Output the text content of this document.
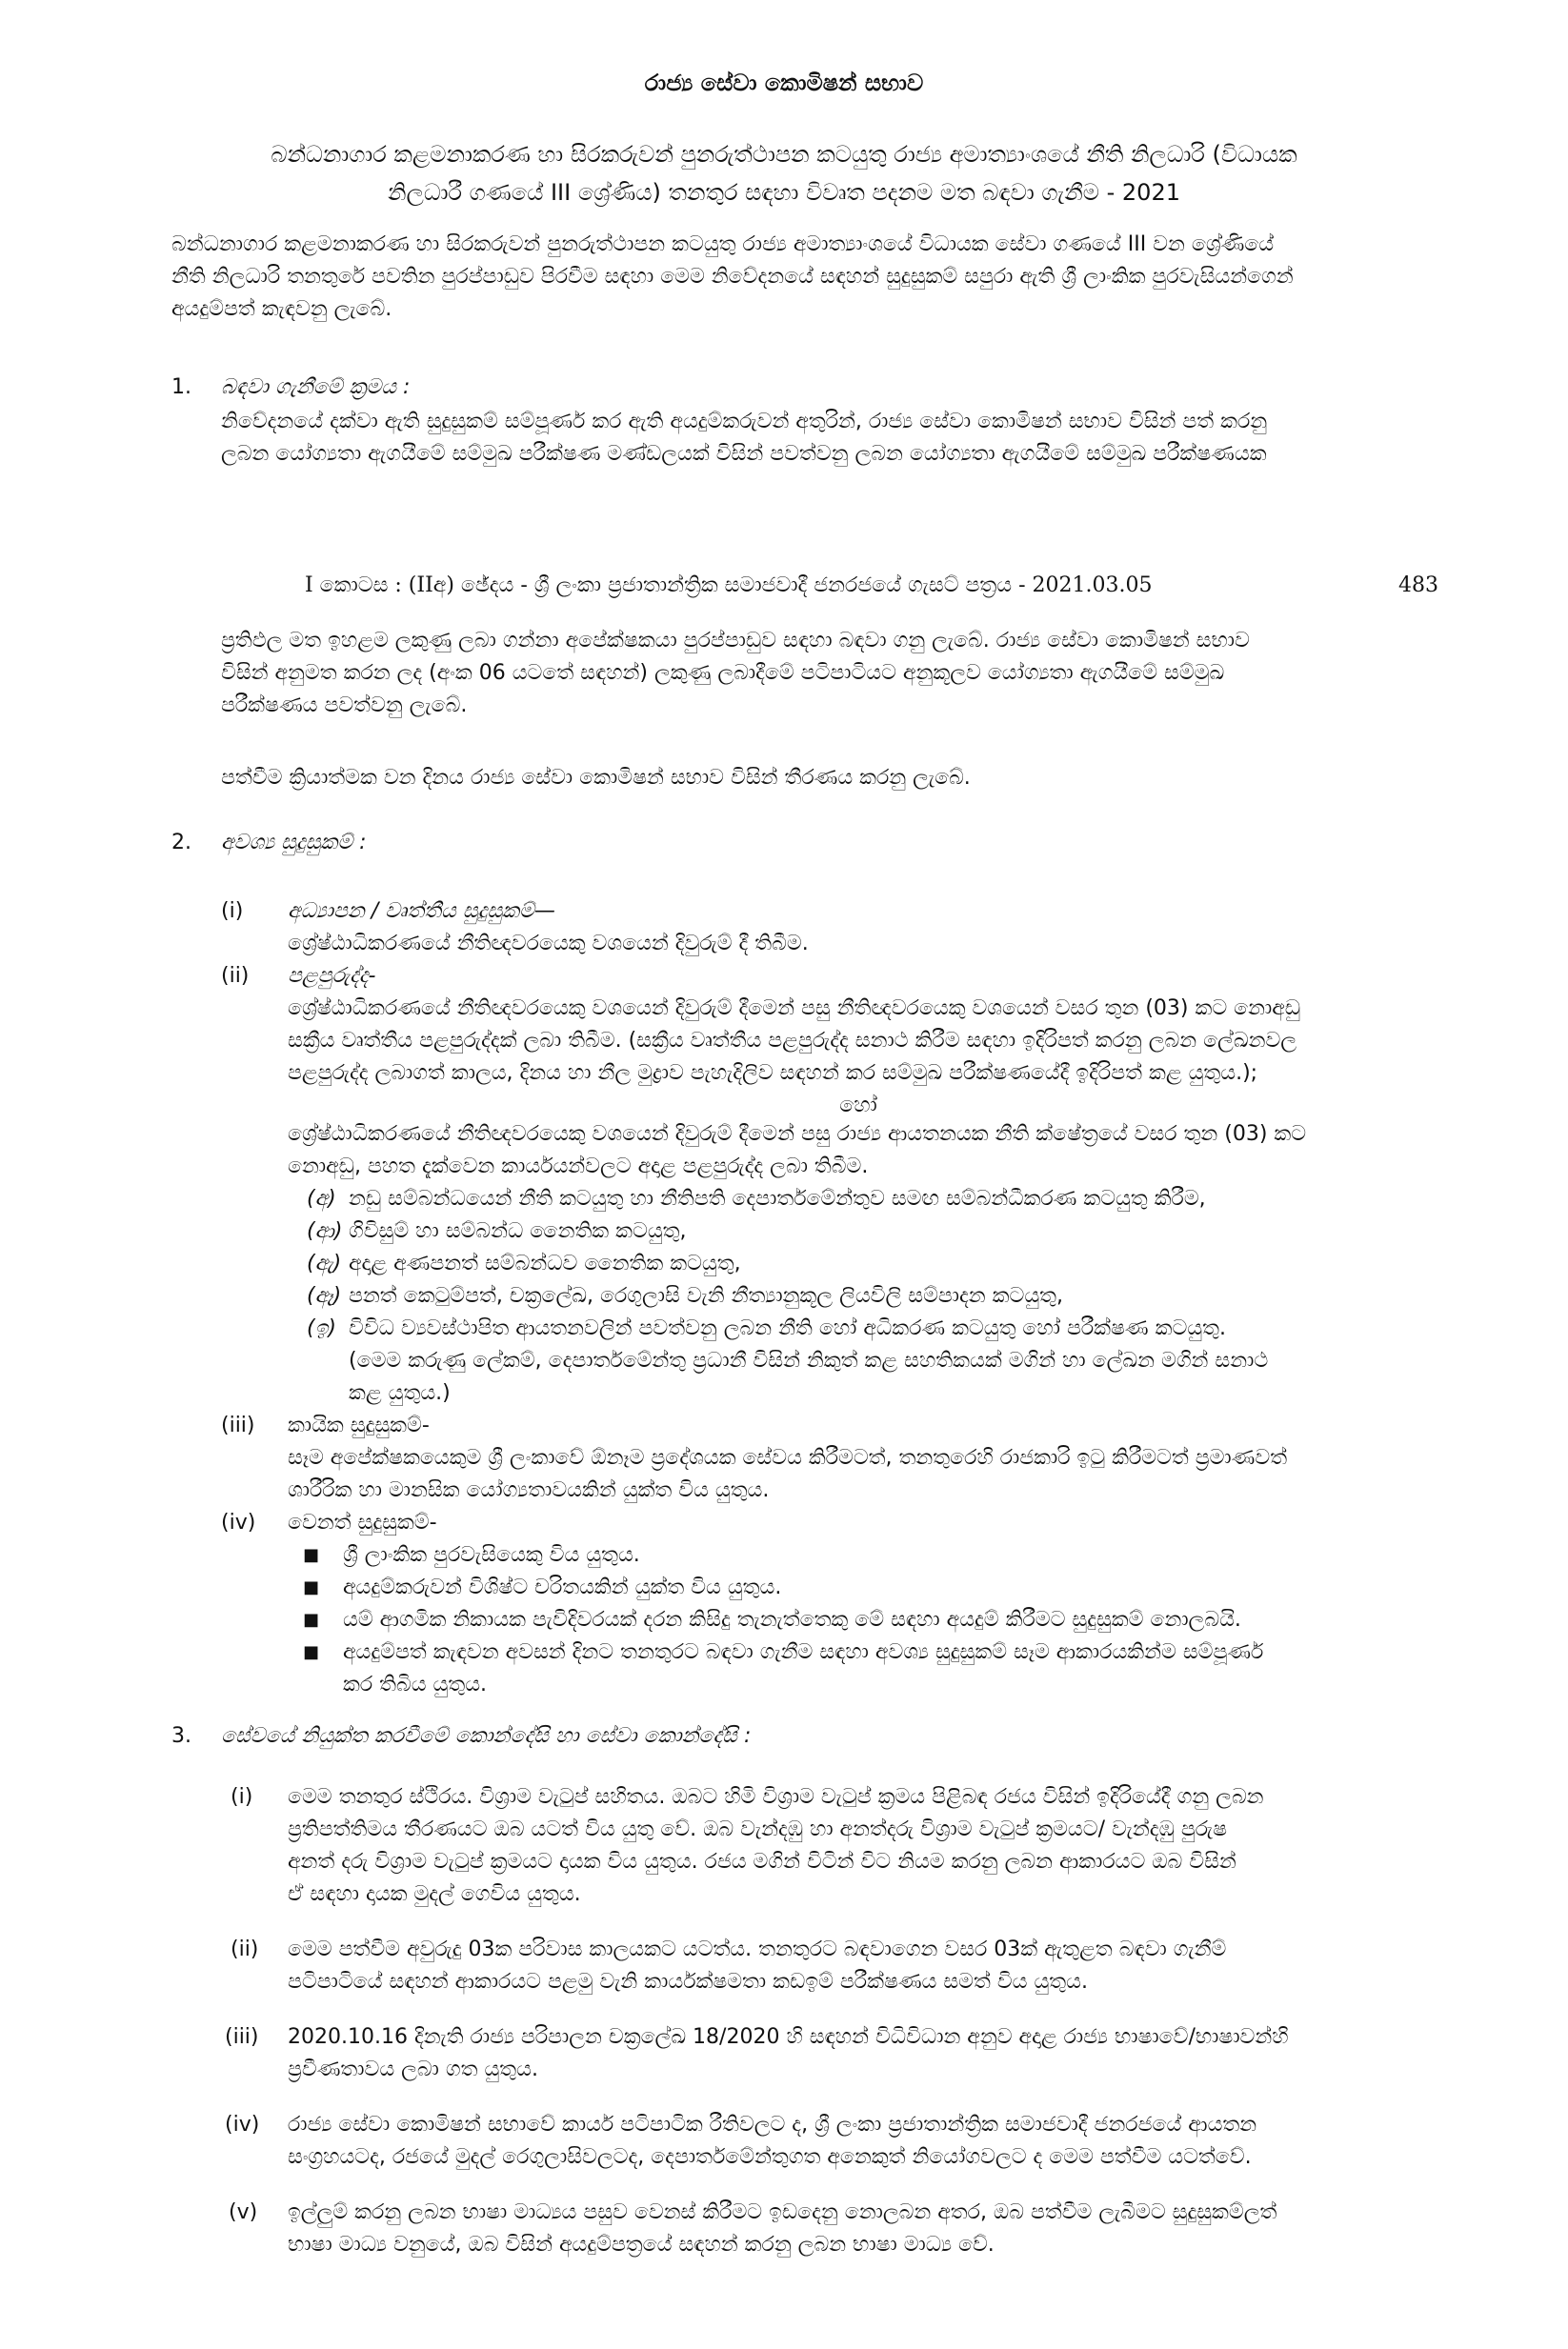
රාජ්‍ය සේවා කොමිෂන් සභාව
බන්ධනාගාර කළමනාකරණ හා සිරකරුවන් පුනරුත්ථාපන කටයුතු රාජ්‍ය අමාත්‍යාංශයේ නීති නිලධාරි (විධායක
නිලධාරී ගණයේ III ශ්‍රේණිය) තනතුර සඳහා විවෘත පදනම මත බඳවා ගැනීම - 2021
බන්ධනාගාර කළමනාකරණ හා සිරකරුවන් පුනරුත්ථාපන කටයුතු රාජ්‍ය අමාත්‍යාංශයේ විධායක සේවා ගණයේ III වන ශ්‍රේණියේ
නීති නිලධාරි තනතුරේ පවතින පුරප්පාඩුව පිරවීම සඳහා මෙම නිවේදනයේ සඳහන් සුදුසුකම් සපුරා ඇති ශ්‍රී ලාංකික පුරවැසියන්ගෙන්
අයදුම්පත් කැඳවනු ලැබේ.
1. බඳවා ගැනීමේ ක්‍රමය :
නිවේදනයේ දක්වා ඇති සුදුසුකම් සම්පූර්ණ කර ඇති අයදුම්කරුවන් අතුරින්, රාජ්‍ය සේවා කොමිෂන් සභාව විසින් පත් කරනු
ලබන යෝග්‍යතා ඇගයීමේ සම්මුඛ පරීක්ෂණ මණ්ඩලයක් විසින් පවත්වනු ලබන යෝග්‍යතා ඇගයීමේ සම්මුඛ පරීක්ෂණයක
I කොටස : (IIඅ) ඡේදය - ශ්‍රී ලංකා ප්‍රජාතාන්ත්‍රික සමාජවාදී ජනරජයේ ගැසට් පත්‍රය - 2021.03.05	483
ප්‍රතිඵල මත ඉහළම ලකුණු ලබා ගන්නා අපේක්ෂකයා පුරප්පාඩුව සඳහා බඳවා ගනු ලැබේ. රාජ්‍ය සේවා කොමිෂන් සභාව
විසින් අනුමත කරන ලද (අංක 06 යටතේ සඳහන්) ලකුණු ලබාදීමේ පටිපාටියට අනුකූලව යෝග්‍යතා ඇගයීමේ සම්මුඛ
පරීක්ෂණය පවත්වනු ලැබේ.
පත්වීම ක්‍රියාත්මක වන දිනය රාජ්‍ය සේවා කොමිෂන් සභාව විසින් තීරණය කරනු ලැබේ.
2. අවශ්‍ය සුදුසුකම් :
(i) අධ්‍යාපන / වෘත්තීය සුදුසුකම්—
ශ්‍රේෂ්ඨාධිකරණයේ නීතිඥවරයෙකු වශයෙන් දිවුරුම් දී තිබීම.
(ii) පළපුරුද්ද-
ශ්‍රේෂ්ඨාධිකරණයේ නීතිඥවරයෙකු වශයෙන් දිවුරුම් දීමෙන් පසු නීතිඥවරයෙකු වශයෙන් වසර තුන (03) කට නොඅඩු
සක්‍රීය වෘත්තීය පළපුරුද්දක් ලබා තිබීම. (සක්‍රීය වෘත්තීය පළපුරුද්ද සනාථ කිරීම සඳහා ඉදිරිපත් කරනු ලබන ලේඛනවල
පළපුරුද්ද ලබාගත් කාලය, දිනය හා නීල මුද්‍රාව පැහැදිලිව සඳහන් කර සම්මුඛ පරීක්ෂණයේදී ඉදිරිපත් කළ යුතුය.);
හෝ
ශ්‍රේෂ්ඨාධිකරණයේ නීතිඥවරයෙකු වශයෙන් දිවුරුම් දීමෙන් පසු රාජ්‍ය ආයතනයක නීති ක්ෂේත්‍රයේ වසර තුන (03) කට
නොඅඩු, පහත දැක්වෙන කාර්යයන්වලට අදාළ පළපුරුද්ද ලබා තිබීම.
(අ) නඩු සම්බන්ධයෙන් නීති කටයුතු හා නීතිපති දෙපාර්තමේන්තුව සමඟ සම්බන්ධීකරණ කටයුතු කිරීම,
(ආ) ගිවිසුම් හා සම්බන්ධ නෛතික කටයුතු,
(ඇ) අදාළ අණපනත් සම්බන්ධව නෛතික කටයුතු,
(ඈ) පනත් කෙටුම්පත්, චක්‍රලේඛ, රෙගුලාසි වැනි නීත්‍යානුකූල ලියවිලි සම්පාදන කටයුතු,
(ඉ) විවිධ ව්‍යවස්ථාපිත ආයතනවලින් පවත්වනු ලබන නීති හෝ අධිකරණ කටයුතු හෝ පරීක්ෂණ කටයුතු.
(මෙම කරුණු ලේකම්, දෙපාර්තමේන්තු ප්‍රධානී විසින් නිකුත් කළ සහතිකයක් මගින් හා ලේඛන මගින් සනාථ
කළ යුතුය.)
(iii) කායික සුදුසුකම්-
සෑම අපේක්ෂකයෙකුම ශ්‍රී ලංකාවේ ඕනෑම ප්‍රදේශයක සේවය කිරීමටත්, තනතුරෙහි රාජකාරි ඉටු කිරීමටත් ප්‍රමාණවත්
ශාරීරික හා මානසික යෝග්‍යතාවයකින් යුක්ත විය යුතුය.
(iv) වෙනත් සුදුසුකම්-
■ ශ්‍රී ලාංකික පුරවැසියෙකු විය යුතුය.
■ අයදුම්කරුවන් විශිෂ්ට චරිතයකින් යුක්ත විය යුතුය.
■ යම් ආගමික නිකායක පැවිදිවරයක් දරන කිසිදු තැනැත්තෙකු මේ සඳහා අයදුම් කිරීමට සුදුසුකම් නොලබයි.
■ අයදුම්පත් කැඳවන අවසන් දිනට තනතුරට බඳවා ගැනීම සඳහා අවශ්‍ය සුදුසුකම් සෑම ආකාරයකින්ම සම්පූර්ණ
කර තිබිය යුතුය.
3. සේවයේ නියුක්ත කරවීමේ කොන්දේසි හා සේවා කොන්දේසි :
(i) මෙම තනතුර ස්ථිරය. විශ්‍රාම වැටුප් සහිතය. ඔබට හිමි විශ්‍රාම වැටුප් ක්‍රමය පිළිබඳ රජය විසින් ඉදිරියේදී ගනු ලබන
ප්‍රතිපත්තිමය තීරණයට ඔබ යටත් විය යුතු වේ. ඔබ වැන්දඹු හා අනත්දරු විශ්‍රාම වැටුප් ක්‍රමයට/ වැන්දඹු පුරුෂ
අනත් දරු විශ්‍රාම වැටුප් ක්‍රමයට දායක විය යුතුය. රජය මගින් විටින් විට නියම කරනු ලබන ආකාරයට ඔබ විසින්
ඒ සඳහා දායක මුදල් ගෙවිය යුතුය.
(ii) මෙම පත්වීම අවුරුදු 03ක පරිවාස කාලයකට යටත්ය. තනතුරට බඳවාගෙන වසර 03ක් ඇතුළත බඳවා ගැනීම්
පටිපාටියේ සඳහන් ආකාරයට පළමු වැනි කාර්යක්ෂමතා කඩඉම් පරීක්ෂණය සමත් විය යුතුය.
(iii) 2020.10.16 දිනැති රාජ්‍ය පරිපාලන චක්‍රලේඛ 18/2020 හි සඳහන් විධිවිධාන අනුව අදාළ රාජ්‍ය භාෂාවේ/භාෂාවන්හි
ප්‍රවීණතාවය ලබා ගත යුතුය.
(iv) රාජ්‍ය සේවා කොමිෂන් සභාවේ කාර්ය පටිපාටික රීතිවලට ද, ශ්‍රී ලංකා ප්‍රජාතාන්ත්‍රික සමාජවාදී ජනරජයේ ආයතන
සංග්‍රහයටද, රජයේ මුදල් රෙගුලාසිවලටද, දෙපාර්තමේන්තුගත අනෙකුත් නියෝගවලට ද මෙම පත්වීම යටත්වේ.
(v) ඉල්ලුම් කරනු ලබන භාෂා මාධ්‍යය පසුව වෙනස් කිරීමට ඉඩදෙනු නොලබන අතර, ඔබ පත්වීම ලැබීමට සුදුසුකම්ලත්
භාෂා මාධ්‍ය වනුයේ, ඔබ විසින් අයදුම්පත්‍රයේ සඳහන් කරනු ලබන භාෂා මාධ්‍ය වේ.
